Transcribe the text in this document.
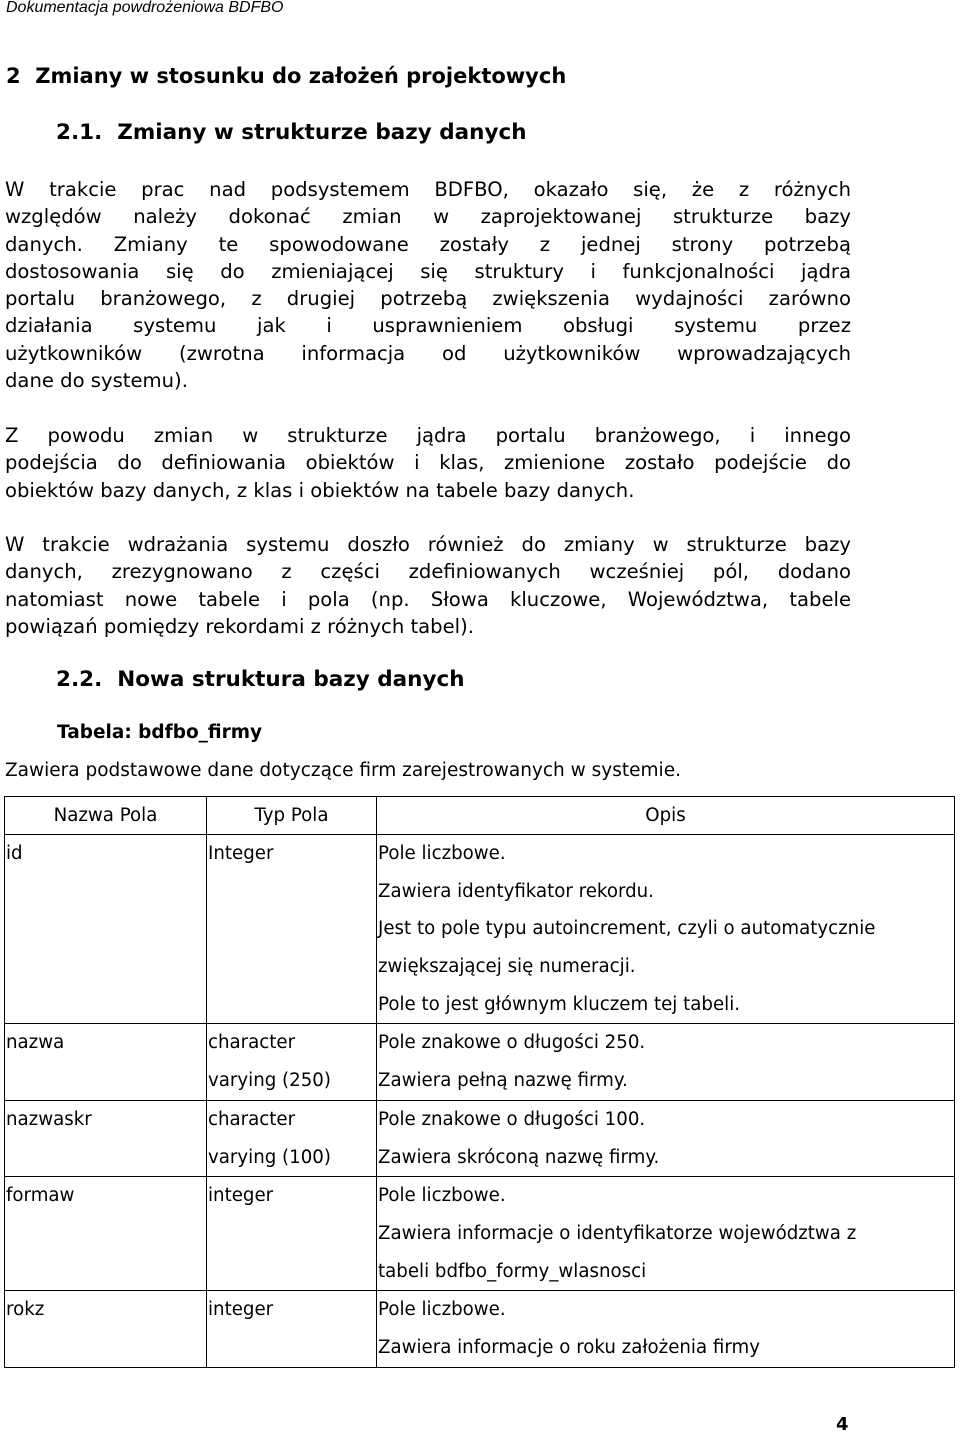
Dokumentacja powdrożeniowa BDFBO
2 Zmiany w stosunku do założeń projektowych
2.1. Zmiany w strukturze bazy danych
W trakcie prac nad podsystemem BDFBO, okazało się, że z różnych
względów należy dokonać zmian w zaprojektowanej strukturze bazy
danych. Zmiany te spowodowane zostały z jednej strony potrzebą
dostosowania się do zmieniającej się struktury i funkcjonalności jądra
portalu branżowego, z drugiej potrzebą zwiększenia wydajności zarówno
działania systemu jak i usprawnieniem obsługi systemu przez
użytkowników (zwrotna informacja od użytkowników wprowadzających
dane do systemu).
Z powodu zmian w strukturze jądra portalu branżowego, i innego
podejścia do definiowania obiektów i klas, zmienione zostało podejście do
obiektów bazy danych, z klas i obiektów na tabele bazy danych.
W trakcie wdrażania systemu doszło również do zmiany w strukturze bazy
danych, zrezygnowano z części zdefiniowanych wcześniej pól, dodano
natomiast nowe tabele i pola (np. Słowa kluczowe, Województwa, tabele
powiązań pomiędzy rekordami z różnych tabel).
2.2. Nowa struktura bazy danych
Tabela: bdfbo_firmy
Zawiera podstawowe dane dotyczące firm zarejestrowanych w systemie.
Nazwa Pola	Typ Pola	Opis

id	Integer	Pole liczbowe.
Zawiera identyfikator rekordu.
Jest to pole typu autoincrement, czyli o automatycznie
zwiększającej się numeracji.
Pole to jest głównym kluczem tej tabeli.

nazwa	character
varying (250)	Pole znakowe o długości 250.
Zawiera pełną nazwę firmy.

nazwaskr	character
varying (100)	Pole znakowe o długości 100.
Zawiera skróconą nazwę firmy.

formaw	integer	Pole liczbowe.
Zawiera informacje o identyfikatorze województwa z
tabeli bdfbo_formy_wlasnosci

rokz	integer	Pole liczbowe.
Zawiera informacje o roku założenia firmy
4
